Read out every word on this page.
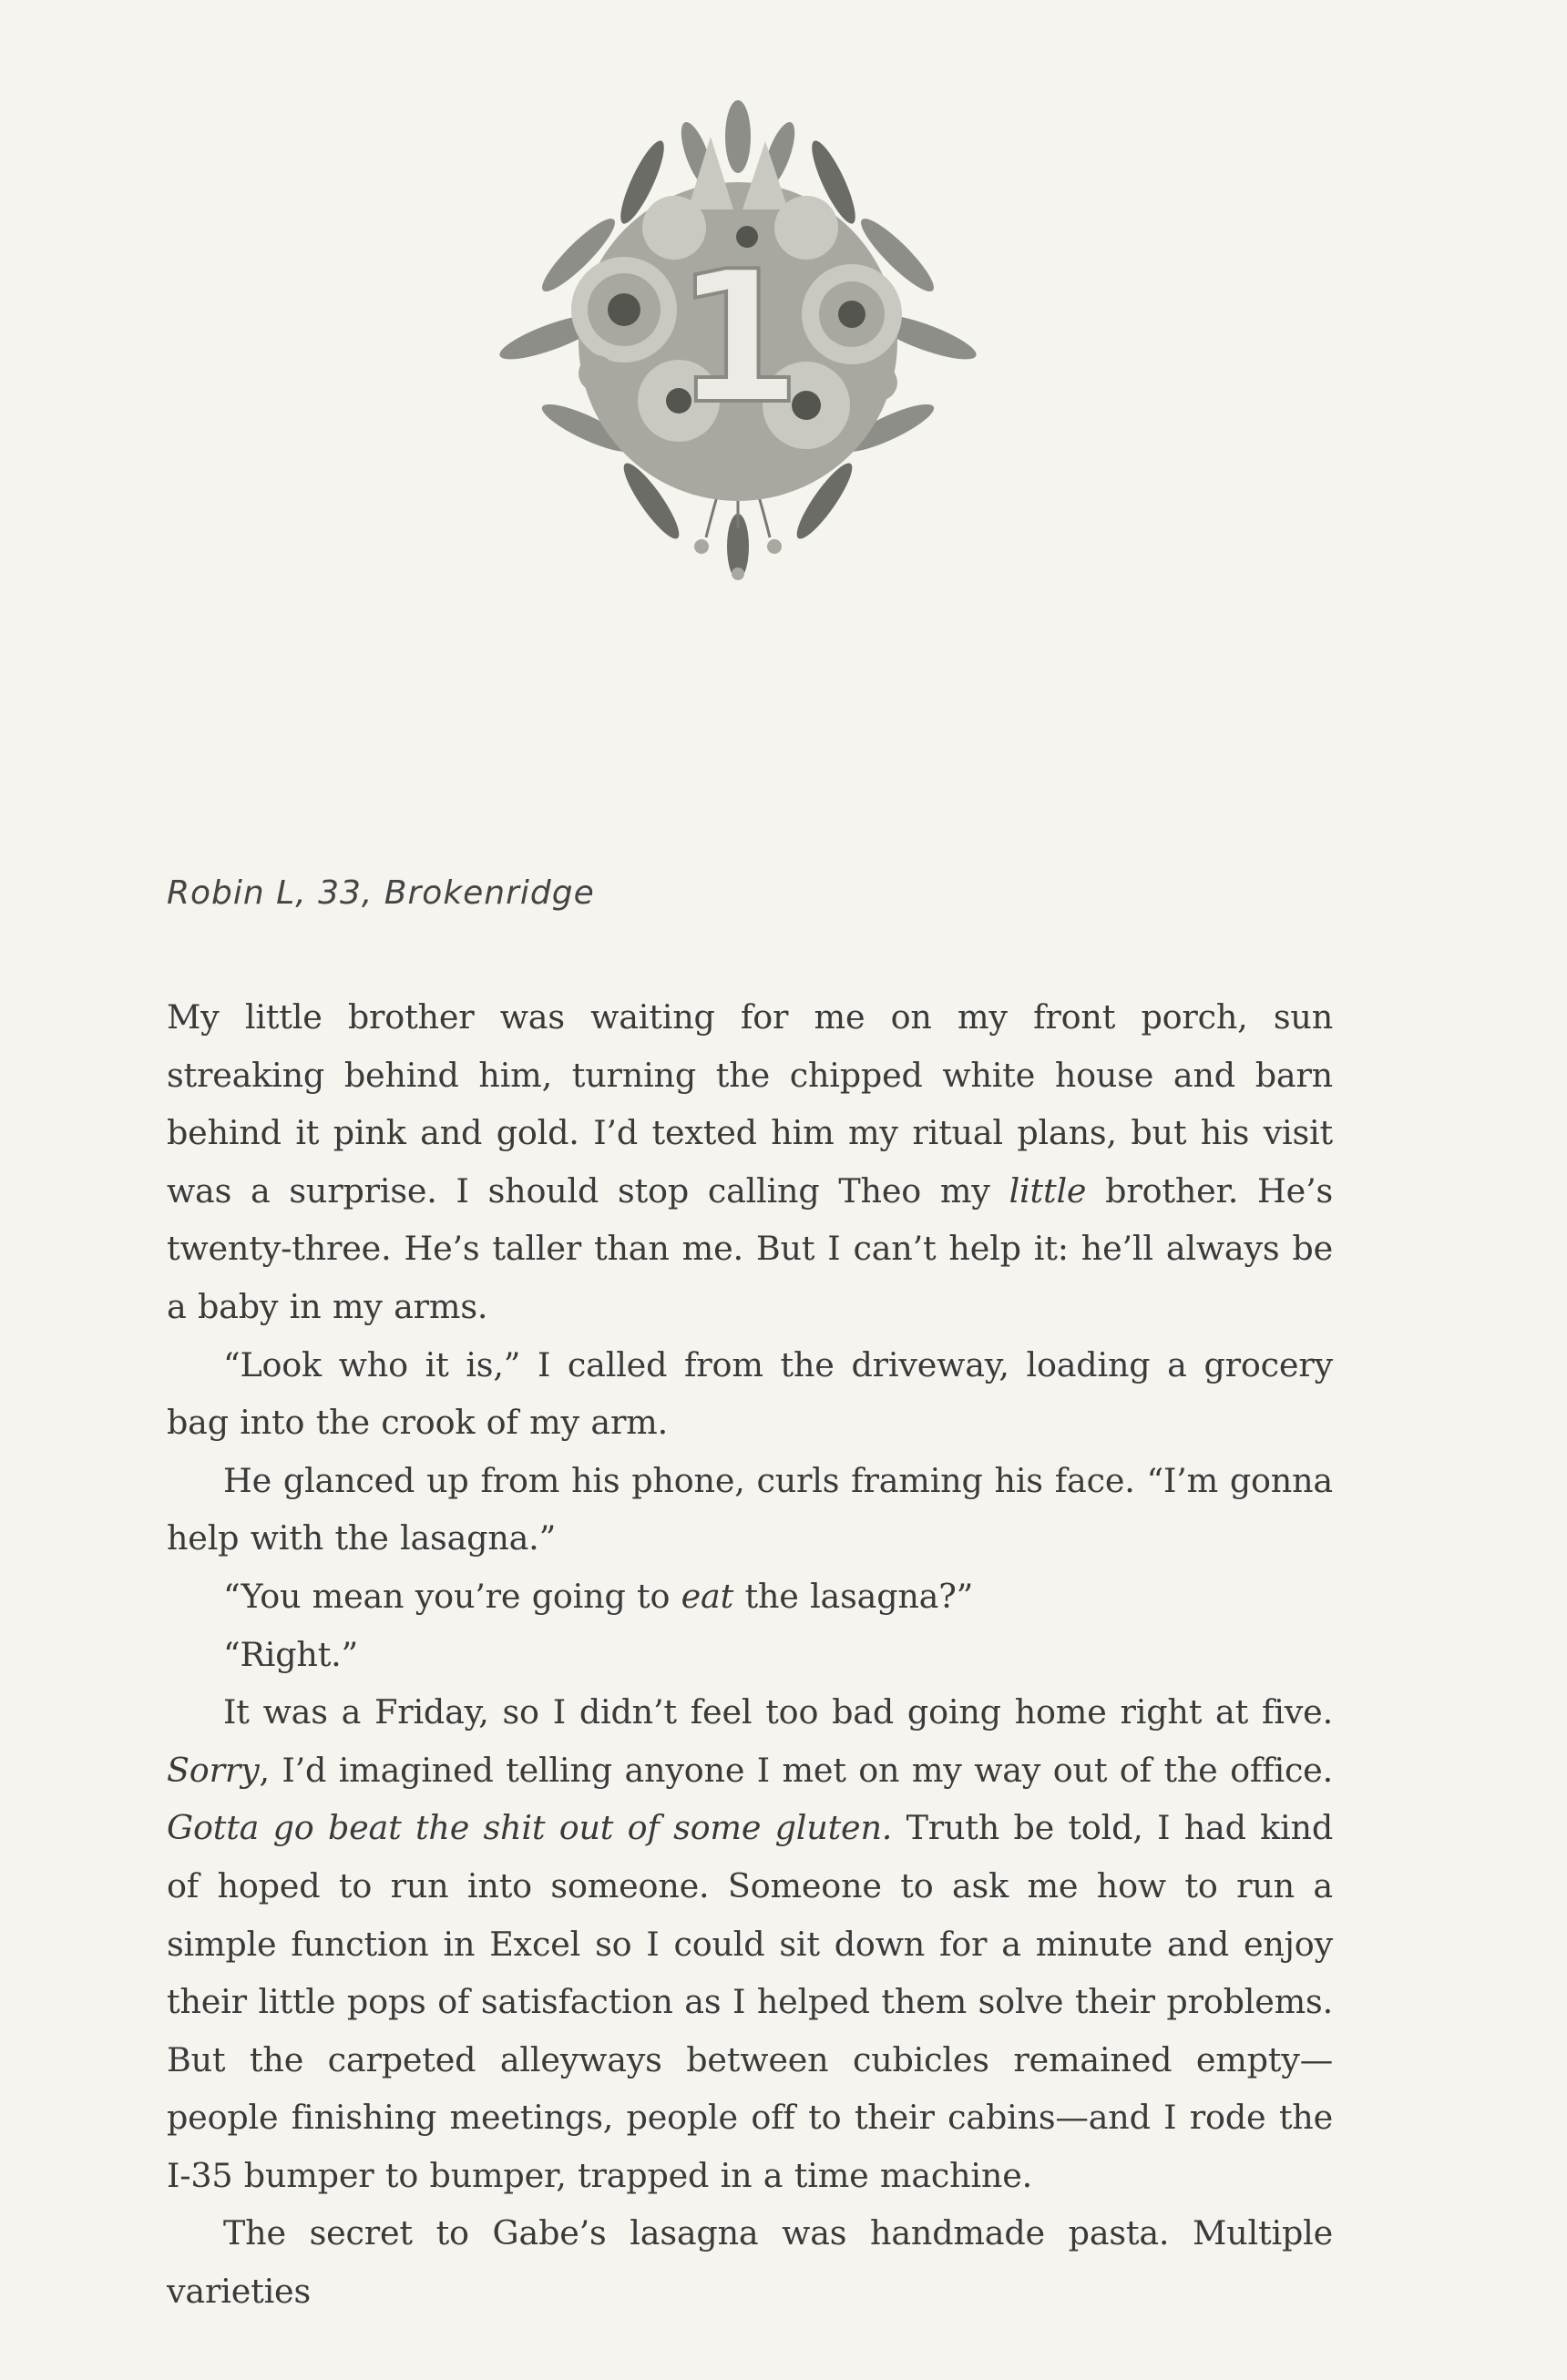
1

Robin L, 33, Brokenridge

My little brother was waiting for me on my front porch, sun streaking behind him, turning the chipped white house and barn behind it pink and gold. I’d texted him my ritual plans, but his visit was a surprise. I should stop calling Theo my little brother. He’s twenty-three. He’s taller than me. But I can’t help it: he’ll always be a baby in my arms.

“Look who it is,” I called from the driveway, loading a grocery bag into the crook of my arm.

He glanced up from his phone, curls framing his face. “I’m gonna help with the lasagna.”

“You mean you’re going to eat the lasagna?”

“Right.”

It was a Friday, so I didn’t feel too bad going home right at five. Sorry, I’d imagined telling anyone I met on my way out of the office. Gotta go beat the shit out of some gluten. Truth be told, I had kind of hoped to run into someone. Someone to ask me how to run a simple function in Excel so I could sit down for a minute and enjoy their little pops of satisfaction as I helped them solve their problems. But the carpeted alleyways between cubicles remained empty—people finishing meetings, people off to their cabins—and I rode the I-35 bumper to bumper, trapped in a time machine.

The secret to Gabe’s lasagna was handmade pasta. Multiple varieties
